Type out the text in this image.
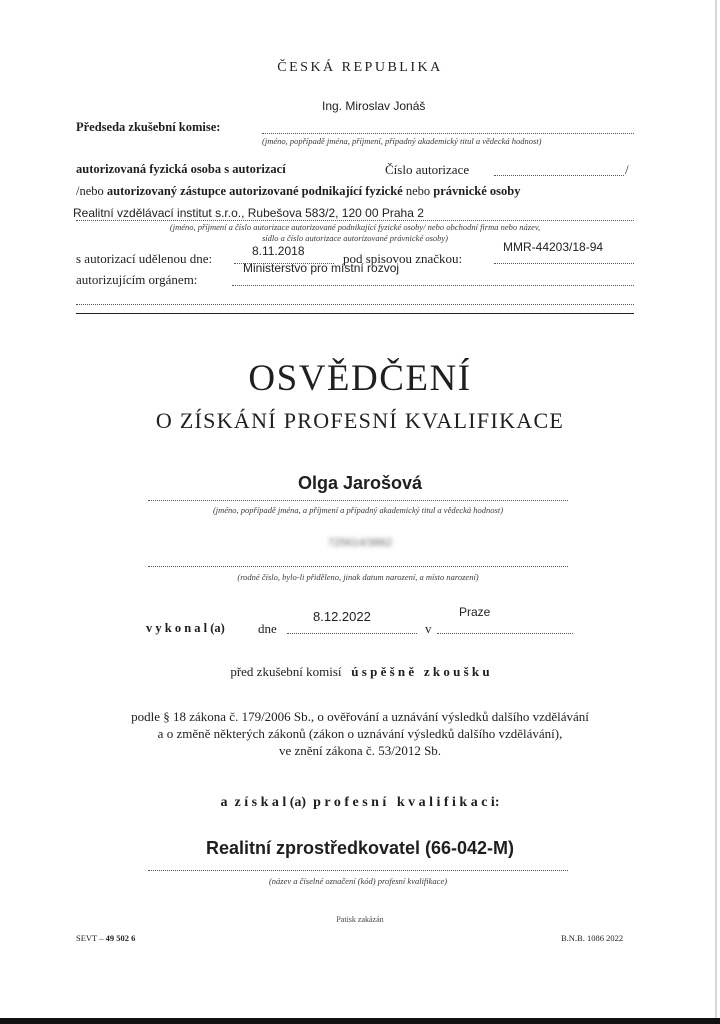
ČESKÁ REPUBLIKA
Ing. Miroslav Jonáš
Předseda zkušební komise:
(jméno, popřípadě jména, příjmení, případný akademický titul a vědecká hodnost)
autorizovaná fyzická osoba s autorizací	Číslo autorizace	/
/nebo autorizovaný zástupce autorizované podnikající fyzické nebo právnické osoby
Realitní vzdělávací institut s.r.o., Rubešova 583/2, 120 00 Praha 2
(jméno, příjmení a číslo autorizace autorizované podnikající fyzické osoby/ nebo obchodní firma nebo název,
sídlo a číslo autorizace autorizované právnické osoby)
s autorizací udělenou dne:	8.11.2018	pod spisovou značkou:
MMR-44203/18-94
autorizujícím orgánem:
Ministerstvo pro místní rozvoj
OSVĚDČENÍ
O ZÍSKÁNÍ PROFESNÍ KVALIFIKACE
Olga Jarošová
(jméno, popřípadě jména, a příjmení a případný akademický titul a vědecká hodnost)
725614/3862
(rodné číslo, bylo-li přiděleno, jinak datum narození, a místo narození)
v y k o n a l (a)	dne
8.12.2022
v
Praze
před zkušební komisí ú s p ě š n ě   z k o u š k u
podle § 18 zákona č. 179/2006 Sb., o ověřování a uznávání výsledků dalšího vzdělávání
a o změně některých zákonů (zákon o uznávání výsledků dalšího vzdělávání),
ve znění zákona č. 53/2012 Sb.
a  z í s k a l (a)  p r o f e s n í   k v a l i f i k a c i:
Realitní zprostředkovatel (66-042-M)
(název a číselné označení (kód) profesní kvalifikace)
Patisk zakázán
SEVT – 49 502 6	B.N.B. 1086 2022
